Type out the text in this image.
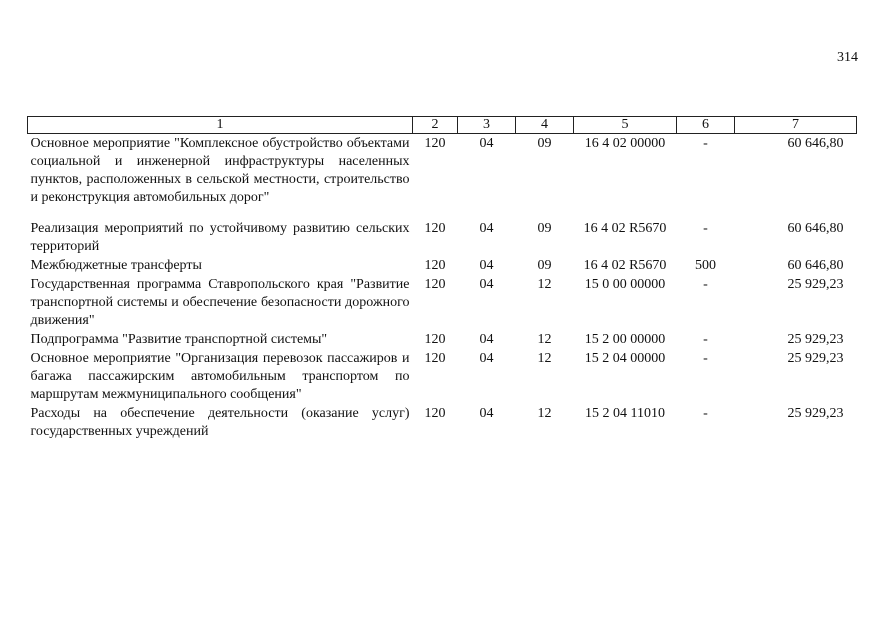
314
1	2	3	4	5	6	7
Основное мероприятие "Комплексное обустройство объектами социальной и инженерной инфраструктуры населенных пунктов, расположенных в сельской местности, строительство и реконструкция автомобильных дорог"	120	04	09	16 4 02 00000	-	60 646,80
Реализация мероприятий по устойчивому развитию сельских территорий	120	04	09	16 4 02 R5670	-	60 646,80
Межбюджетные трансферты	120	04	09	16 4 02 R5670	500	60 646,80
Государственная программа Ставропольского края "Развитие транспортной системы и обеспечение безопасности дорожного движения"	120	04	12	15 0 00 00000	-	25 929,23
Подпрограмма "Развитие транспортной системы"	120	04	12	15 2 00 00000	-	25 929,23
Основное мероприятие "Организация перевозок пассажиров и багажа пассажирским автомобильным транспортом по маршрутам межмуниципального сообщения"	120	04	12	15 2 04 00000	-	25 929,23
Расходы на обеспечение деятельности (оказание услуг) государственных учреждений	120	04	12	15 2 04 11010	-	25 929,23
